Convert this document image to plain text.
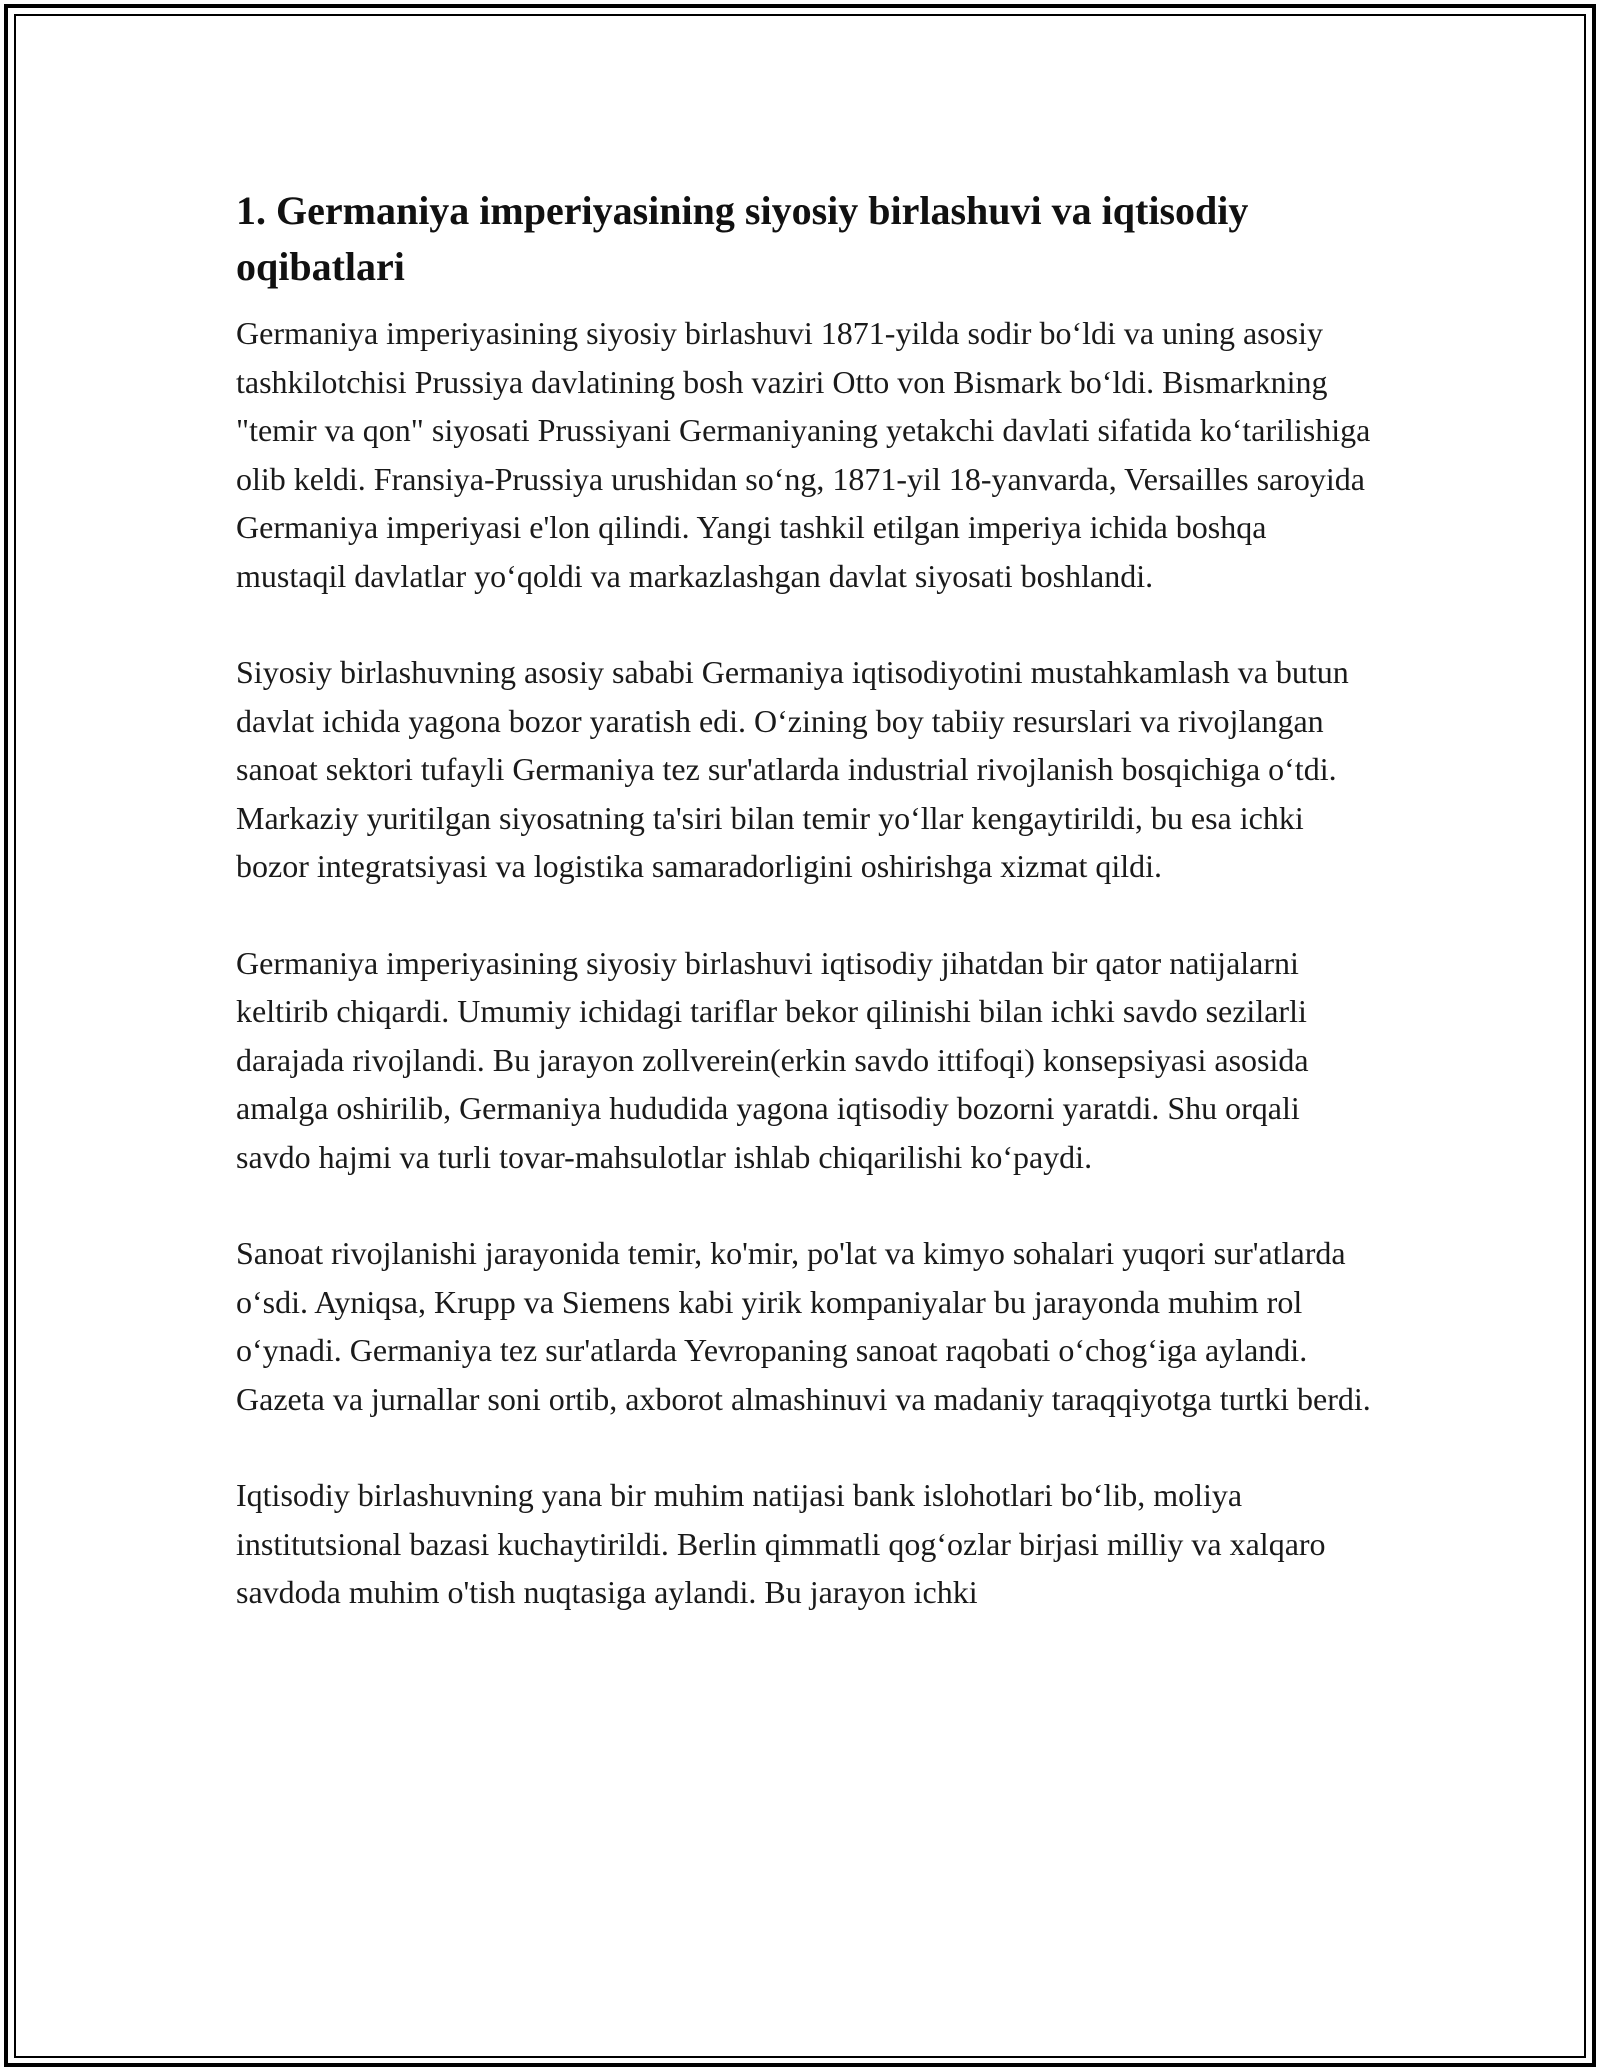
1. Germaniya imperiyasining siyosiy birlashuvi va iqtisodiy oqibatlari

Germaniya imperiyasining siyosiy birlashuvi 1871-yilda sodir bo‘ldi va uning asosiy tashkilotchisi Prussiya davlatining bosh vaziri Otto von Bismark bo‘ldi. Bismarkning "temir va qon" siyosati Prussiyani Germaniyaning yetakchi davlati sifatida ko‘tarilishiga olib keldi. Fransiya-Prussiya urushidan so‘ng, 1871-yil 18-yanvarda, Versailles saroyida Germaniya imperiyasi e'lon qilindi. Yangi tashkil etilgan imperiya ichida boshqa mustaqil davlatlar yo‘qoldi va markazlashgan davlat siyosati boshlandi.

Siyosiy birlashuvning asosiy sababi Germaniya iqtisodiyotini mustahkamlash va butun davlat ichida yagona bozor yaratish edi. O‘zining boy tabiiy resurslari va rivojlangan sanoat sektori tufayli Germaniya tez sur'atlarda industrial rivojlanish bosqichiga o‘tdi. Markaziy yuritilgan siyosatning ta'siri bilan temir yo‘llar kengaytirildi, bu esa ichki bozor integratsiyasi va logistika samaradorligini oshirishga xizmat qildi.

Germaniya imperiyasining siyosiy birlashuvi iqtisodiy jihatdan bir qator natijalarni keltirib chiqardi. Umumiy ichidagi tariflar bekor qilinishi bilan ichki savdo sezilarli darajada rivojlandi. Bu jarayon zollverein(erkin savdo ittifoqi) konsepsiyasi asosida amalga oshirilib, Germaniya hududida yagona iqtisodiy bozorni yaratdi. Shu orqali savdo hajmi va turli tovar-mahsulotlar ishlab chiqarilishi ko‘paydi.

Sanoat rivojlanishi jarayonida temir, ko'mir, po'lat va kimyo sohalari yuqori sur'atlarda o‘sdi. Ayniqsa, Krupp va Siemens kabi yirik kompaniyalar bu jarayonda muhim rol o‘ynadi. Germaniya tez sur'atlarda Yevropaning sanoat raqobati o‘chog‘iga aylandi. Gazeta va jurnallar soni ortib, axborot almashinuvi va madaniy taraqqiyotga turtki berdi.

Iqtisodiy birlashuvning yana bir muhim natijasi bank islohotlari bo‘lib, moliya institutsional bazasi kuchaytirildi. Berlin qimmatli qog‘ozlar birjasi milliy va xalqaro savdoda muhim o'tish nuqtasiga aylandi. Bu jarayon ichki
